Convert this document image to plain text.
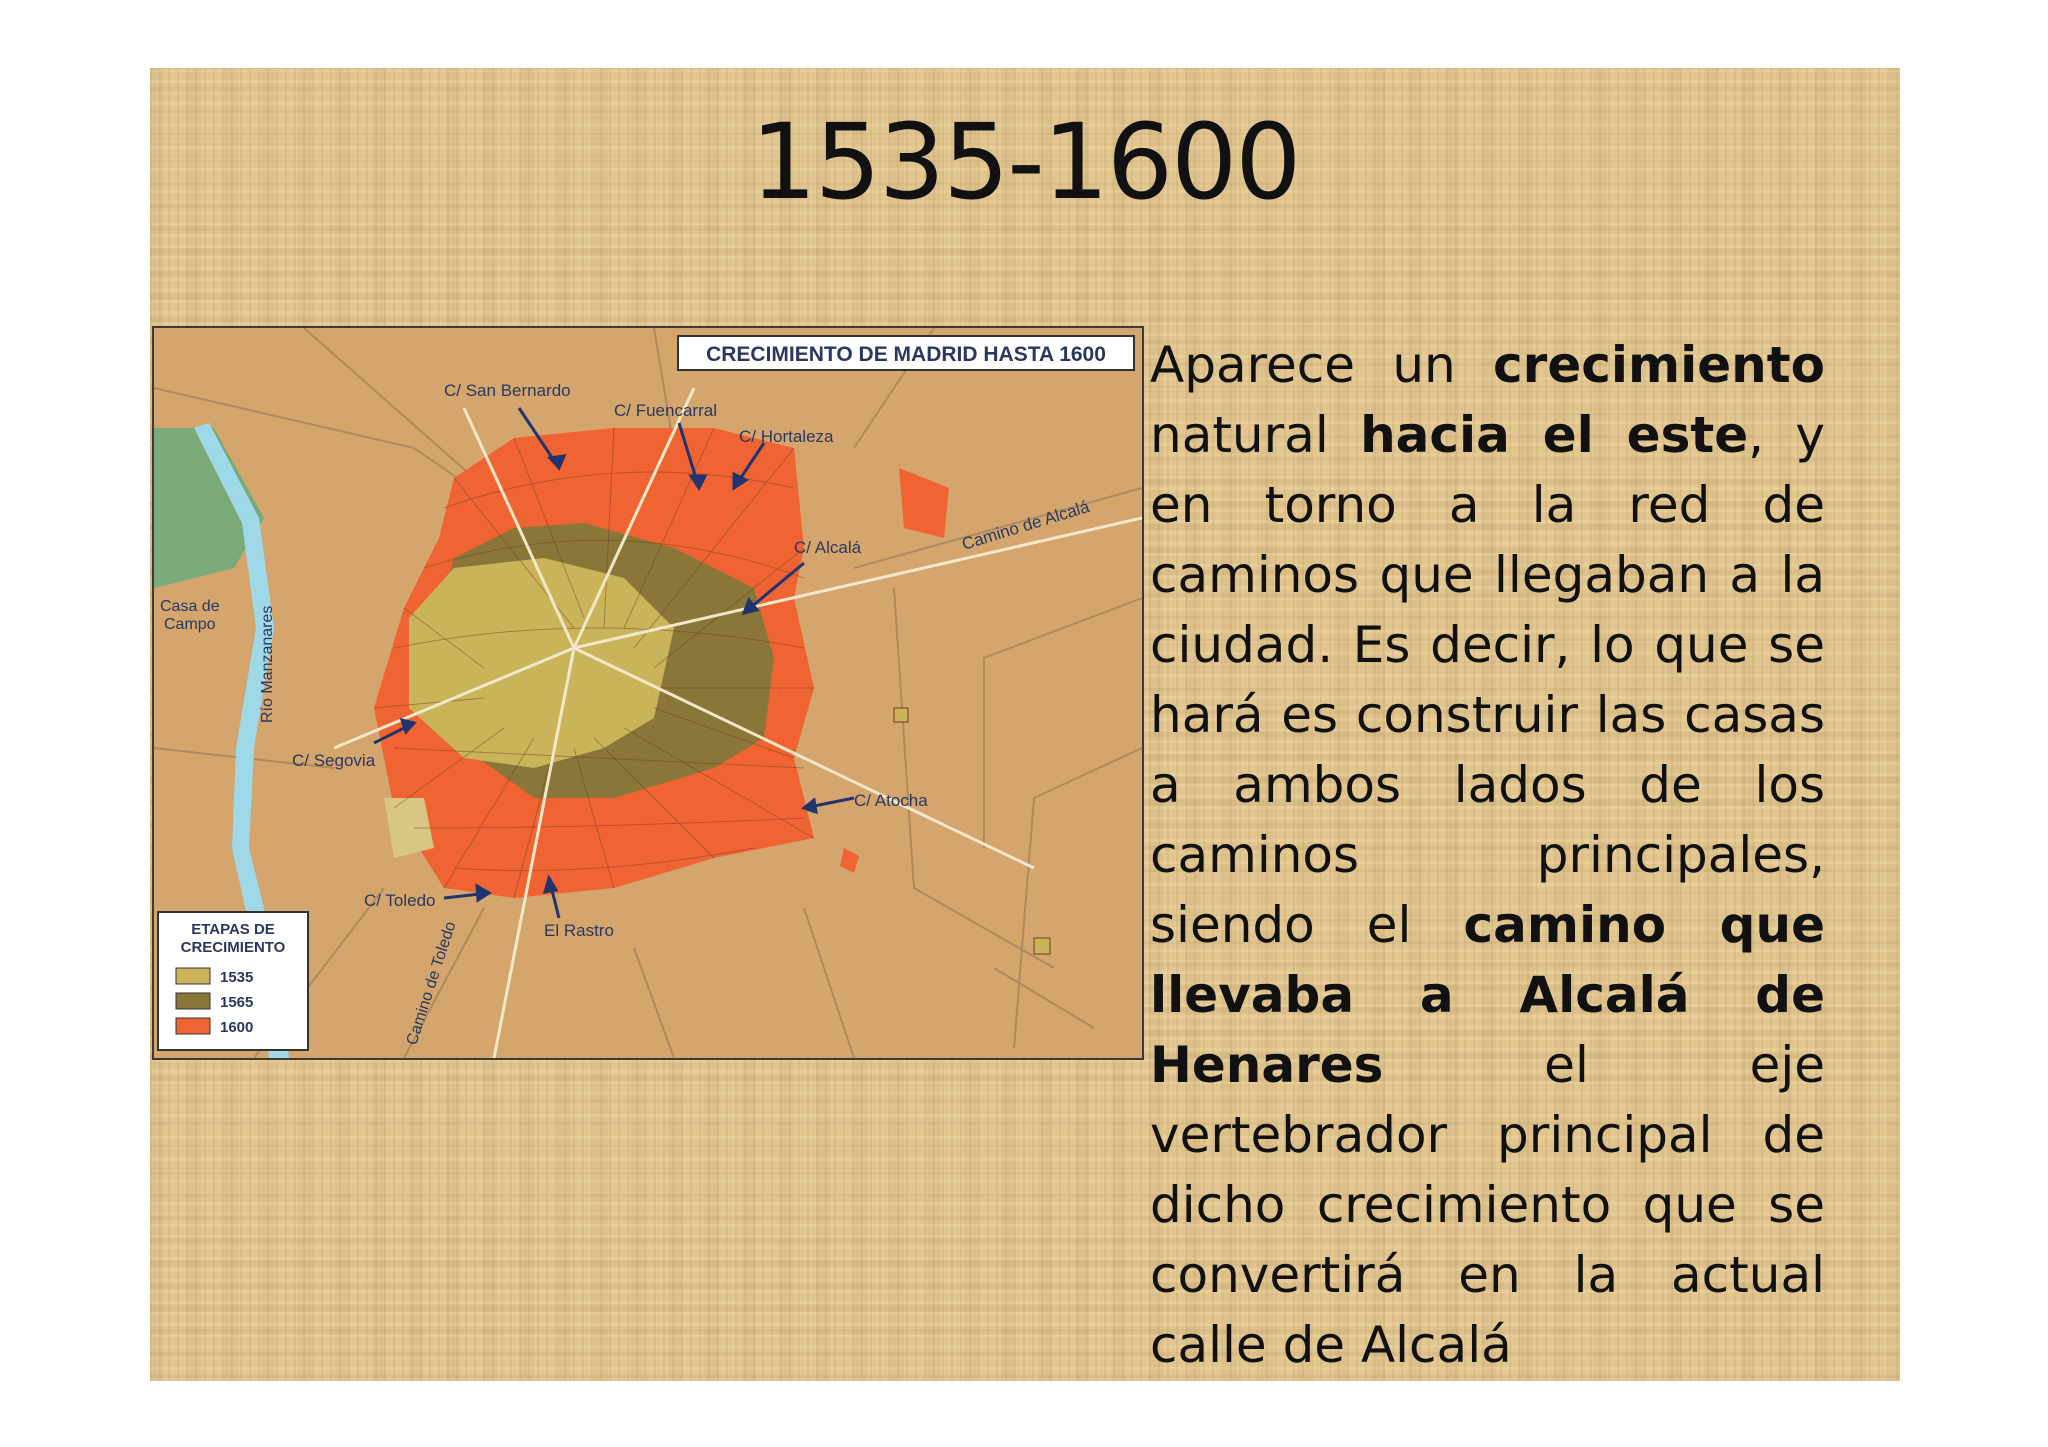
1535-1600
CRECIMIENTO DE MADRID HASTA 1600
C/ San Bernardo
C/ Fuencarral
C/ Hortaleza
C/ Alcalá	Camino de Alcalá
Casa de
Campo	Río Manzanares
C/ Segovia
C/ Atocha
C/ Toledo
El Rastro
Camino de Toledo
ETAPAS DE
CRECIMIENTO
1535
1565
1600
Aparece un crecimiento natural hacia el este, y en torno a la red de caminos que llegaban a la ciudad. Es decir, lo que se hará es construir las casas a ambos lados de los caminos principales, siendo el camino que llevaba a Alcalá de Henares el eje vertebrador principal de dicho crecimiento que se convertirá en la actual calle de Alcalá
